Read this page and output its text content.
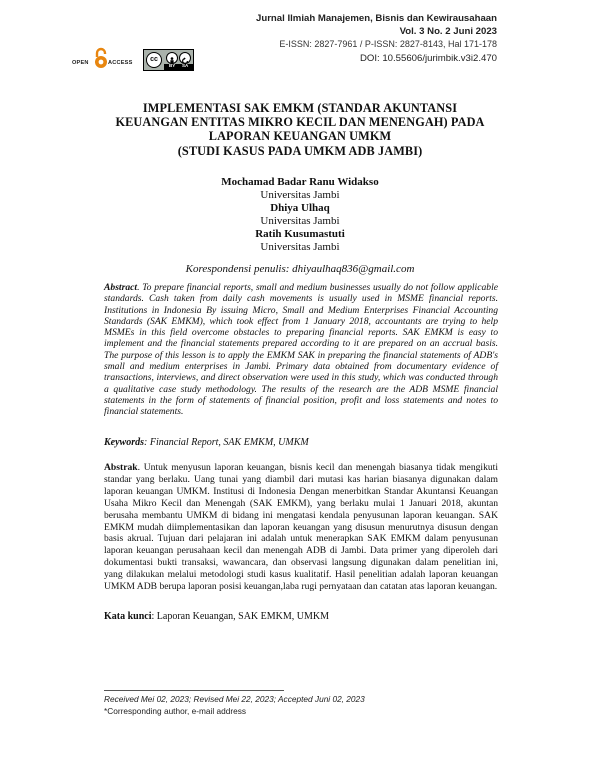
Jurnal Ilmiah Manajemen, Bisnis dan Kewirausahaan
Vol. 3 No. 2 Juni 2023
E-ISSN: 2827-7961 / P-ISSN: 2827-8143, Hal 171-178
DOI: 10.55606/jurimbik.v3i2.470
OPEN	ACCESS	cc
BY SA
IMPLEMENTASI SAK EMKM (STANDAR AKUNTANSI
KEUANGAN ENTITAS MIKRO KECIL DAN MENENGAH) PADA
LAPORAN KEUANGAN UMKM
(STUDI KASUS PADA UMKM ADB JAMBI)
Mochamad Badar Ranu Widakso
Universitas Jambi
Dhiya Ulhaq
Universitas Jambi
Ratih Kusumastuti
Universitas Jambi
Korespondensi penulis: dhiyaulhaq836@gmail.com
Abstract. To prepare financial reports, small and medium businesses usually do not follow applicable standards. Cash taken from daily cash movements is usually used in MSME financial reports. Institutions in Indonesia By issuing Micro, Small and Medium Enterprises Financial Accounting Standards (SAK EMKM), which took effect from 1 January 2018, accountants are trying to help MSMEs in this field overcome obstacles to preparing financial reports. SAK EMKM is easy to implement and the financial statements prepared according to it are prepared on an accrual basis. The purpose of this lesson is to apply the EMKM SAK in preparing the financial statements of ADB's small and medium enterprises in Jambi. Primary data obtained from documentary evidence of transactions, interviews, and direct observation were used in this study, which was conducted through a qualitative case study methodology. The results of the research are the ADB MSME financial statements in the form of statements of financial position, profit and loss statements and notes to financial statements.
Keywords: Financial Report, SAK EMKM, UMKM
Abstrak. Untuk menyusun laporan keuangan, bisnis kecil dan menengah biasanya tidak mengikuti standar yang berlaku. Uang tunai yang diambil dari mutasi kas harian biasanya digunakan dalam laporan keuangan UMKM. Institusi di Indonesia Dengan menerbitkan Standar Akuntansi Keuangan Usaha Mikro Kecil dan Menengah (SAK EMKM), yang berlaku mulai 1 Januari 2018, akuntan berusaha membantu UMKM di bidang ini mengatasi kendala penyusunan laporan keuangan. SAK EMKM mudah diimplementasikan dan laporan keuangan yang disusun menurutnya disusun dengan basis akrual. Tujuan dari pelajaran ini adalah untuk menerapkan SAK EMKM dalam penyusunan laporan keuangan perusahaan kecil dan menengah ADB di Jambi. Data primer yang diperoleh dari dokumentasi bukti transaksi, wawancara, dan observasi langsung digunakan dalam penelitian ini, yang dilakukan melalui metodologi studi kasus kualitatif. Hasil penelitian adalah laporan keuangan UMKM ADB berupa laporan posisi keuangan,laba rugi pernyataan dan catatan atas laporan keuangan.
Kata kunci: Laporan Keuangan, SAK EMKM, UMKM
Received Mei 02, 2023; Revised Mei 22, 2023; Accepted Juni 02, 2023
*Corresponding author, e-mail address
